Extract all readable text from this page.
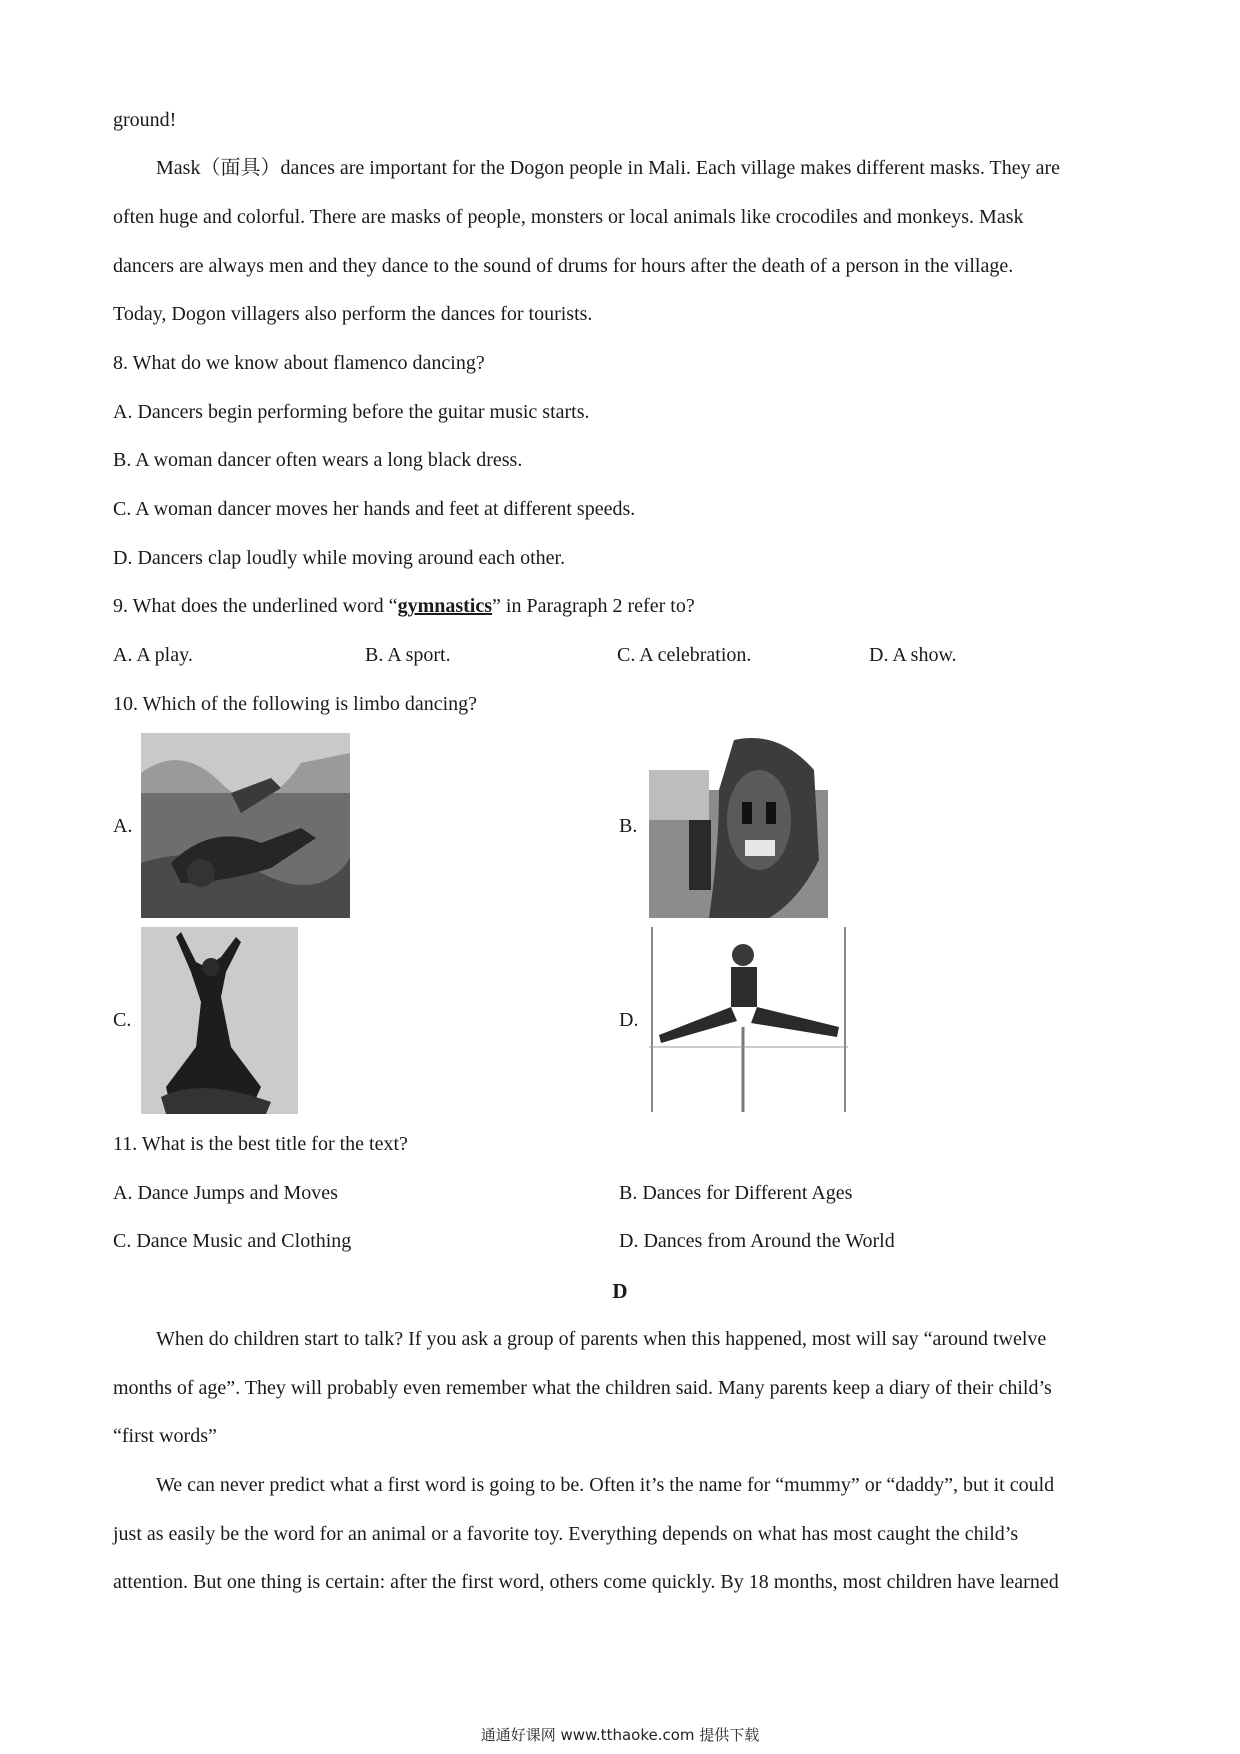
ground!
Mask（面具）dances are important for the Dogon people in Mali. Each village makes different masks. They are
often huge and colorful. There are masks of people, monsters or local animals like crocodiles and monkeys. Mask
dancers are always men and they dance to the sound of drums for hours after the death of a person in the village.
Today, Dogon villagers also perform the dances for tourists.
8. What do we know about flamenco dancing?
A. Dancers begin performing before the guitar music starts.
B. A woman dancer often wears a long black dress.
C. A woman dancer moves her hands and feet at different speeds.
D. Dancers clap loudly while moving around each other.
9. What does the underlined word “gymnastics” in Paragraph 2 refer to?
A. A play.	B. A sport.	C. A celebration.	D. A show.
10. Which of the following is limbo dancing?
A.	B.
C.	D.
11. What is the best title for the text?
A. Dance Jumps and Moves	B. Dances for Different Ages
C. Dance Music and Clothing	D. Dances from Around the World
D
When do children start to talk? If you ask a group of parents when this happened, most will say “around twelve
months of age”. They will probably even remember what the children said. Many parents keep a diary of their child’s
“first words”
We can never predict what a first word is going to be. Often it’s the name for “mummy” or “daddy”, but it could
just as easily be the word for an animal or a favorite toy. Everything depends on what has most caught the child’s
attention. But one thing is certain: after the first word, others come quickly. By 18 months, most children have learned
通通好课网 www.tthaoke.com 提供下载
